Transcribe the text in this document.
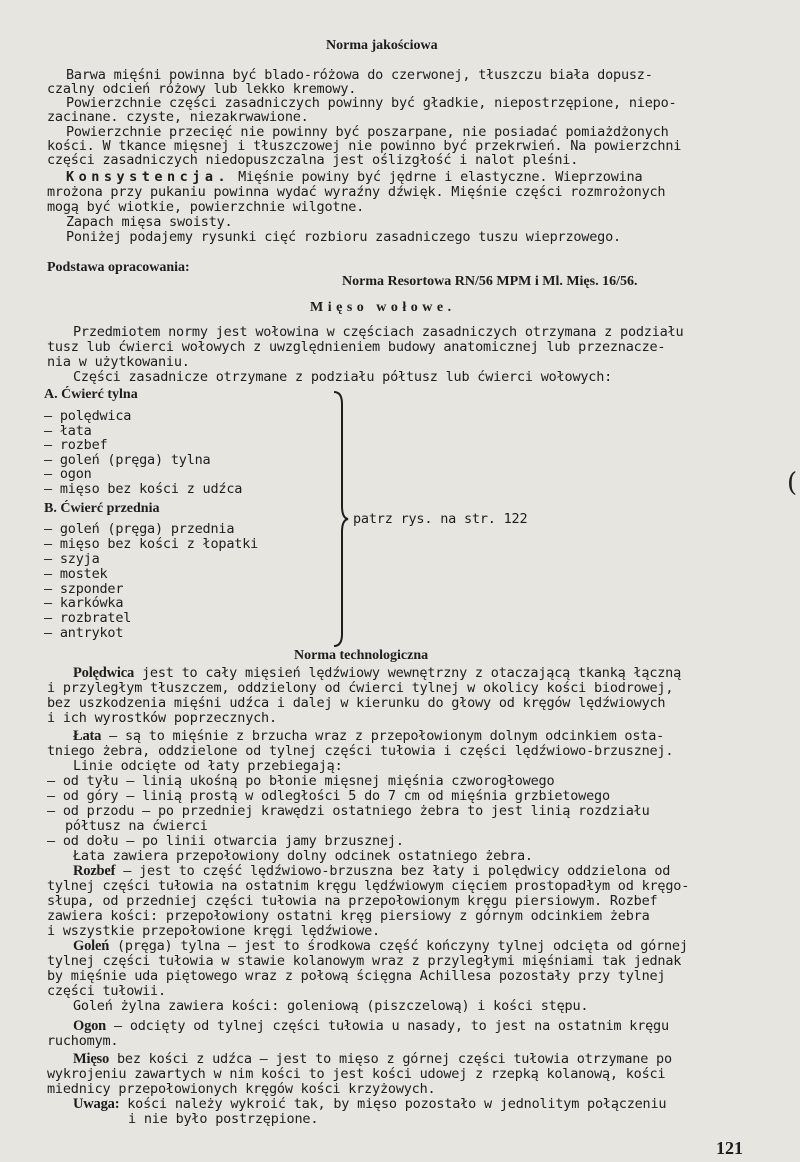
Norma jakościowa
Barwa mięśni powinna być blado-różowa do czerwonej, tłuszczu biała dopusz-
czalny odcień różowy lub lekko kremowy.
Powierzchnie części zasadniczych powinny być gładkie, niepostrzępione, niepo-
zacinane. czyste, niezakrwawione.
Powierzchnie przecięć nie powinny być poszarpane, nie posiadać pomiażdżonych
kości. W tkance mięsnej i tłuszczowej nie powinno być przekrwień. Na powierzchni
części zasadniczych niedopuszczalna jest oślizgłość i nalot pleśni.
Konsystencja. Mięśnie powiny być jędrne i elastyczne. Wieprzowina
mrożona przy pukaniu powinna wydać wyraźny dźwięk. Mięśnie części rozmrożonych
mogą być wiotkie, powierzchnie wilgotne.
Zapach mięsa swoisty.
Poniżej podajemy rysunki cięć rozbioru zasadniczego tuszu wieprzowego.
Podstawa opracowania:
Norma Resortowa RN/56 MPM i Ml. Mięs. 16/56.
Mięso wołowe.
Przedmiotem normy jest wołowina w częściach zasadniczych otrzymana z podziału
tusz lub ćwierci wołowych z uwzględnieniem budowy anatomicznej lub przeznacze-
nia w użytkowaniu.
Części zasadnicze otrzymane z podziału półtusz lub ćwierci wołowych:
A. Ćwierć tylna
— polędwica
— łata
— rozbef
— goleń (pręga) tylna
— ogon
— mięso bez kości z udźca
B. Ćwierć przednia
— goleń (pręga) przednia
— mięso bez kości z łopatki
— szyja
— mostek
— szponder
— karkówka
— rozbratel
— antrykot
patrz rys. na str. 122
Norma technologiczna
Polędwica jest to cały mięsień lędźwiowy wewnętrzny z otaczającą tkanką łączną
i przyległym tłuszczem, oddzielony od ćwierci tylnej w okolicy kości biodrowej,
bez uszkodzenia mięśni udźca i dalej w kierunku do głowy od kręgów lędźwiowych
i ich wyrostków poprzecznych.
Łata — są to mięśnie z brzucha wraz z przepołowionym dolnym odcinkiem osta-
tniego żebra, oddzielone od tylnej części tułowia i części lędźwiowo-brzusznej.
Linie odcięte od łaty przebiegają:
— od tyłu — linią ukośną po błonie mięsnej mięśnia czworogłowego
— od góry — linią prostą w odległości 5 do 7 cm od mięśnia grzbietowego
— od przodu — po przedniej krawędzi ostatniego żebra to jest linią rozdziału
półtusz na ćwierci
— od dołu — po linii otwarcia jamy brzusznej.
Łata zawiera przepołowiony dolny odcinek ostatniego żebra.
Rozbef — jest to część lędźwiowo-brzuszna bez łaty i polędwicy oddzielona od
tylnej części tułowia na ostatnim kręgu lędźwiowym cięciem prostopadłym od kręgo-
słupa, od przedniej części tułowia na przepołowionym kręgu piersiowym. Rozbef
zawiera kości: przepołowiony ostatni kręg piersiowy z górnym odcinkiem żebra
i wszystkie przepołowione kręgi lędźwiowe.
Goleń (pręga) tylna — jest to środkowa część kończyny tylnej odcięta od górnej
tylnej części tułowia w stawie kolanowym wraz z przyległymi mięśniami tak jednak
by mięśnie uda piętowego wraz z połową ścięgna Achillesa pozostały przy tylnej
części tułowii.
Goleń żylna zawiera kości: goleniową (piszczelową) i kości stępu.
Ogon — odcięty od tylnej części tułowia u nasady, to jest na ostatnim kręgu
ruchomym.
Mięso bez kości z udźca — jest to mięso z górnej części tułowia otrzymane po
wykrojeniu zawartych w nim kości to jest kości udowej z rzepką kolanową, kości
miednicy przepołowionych kręgów kości krzyżowych.
Uwaga: kości należy wykroić tak, by mięso pozostało w jednolitym połączeniu
i nie było postrzępione.
(
121
